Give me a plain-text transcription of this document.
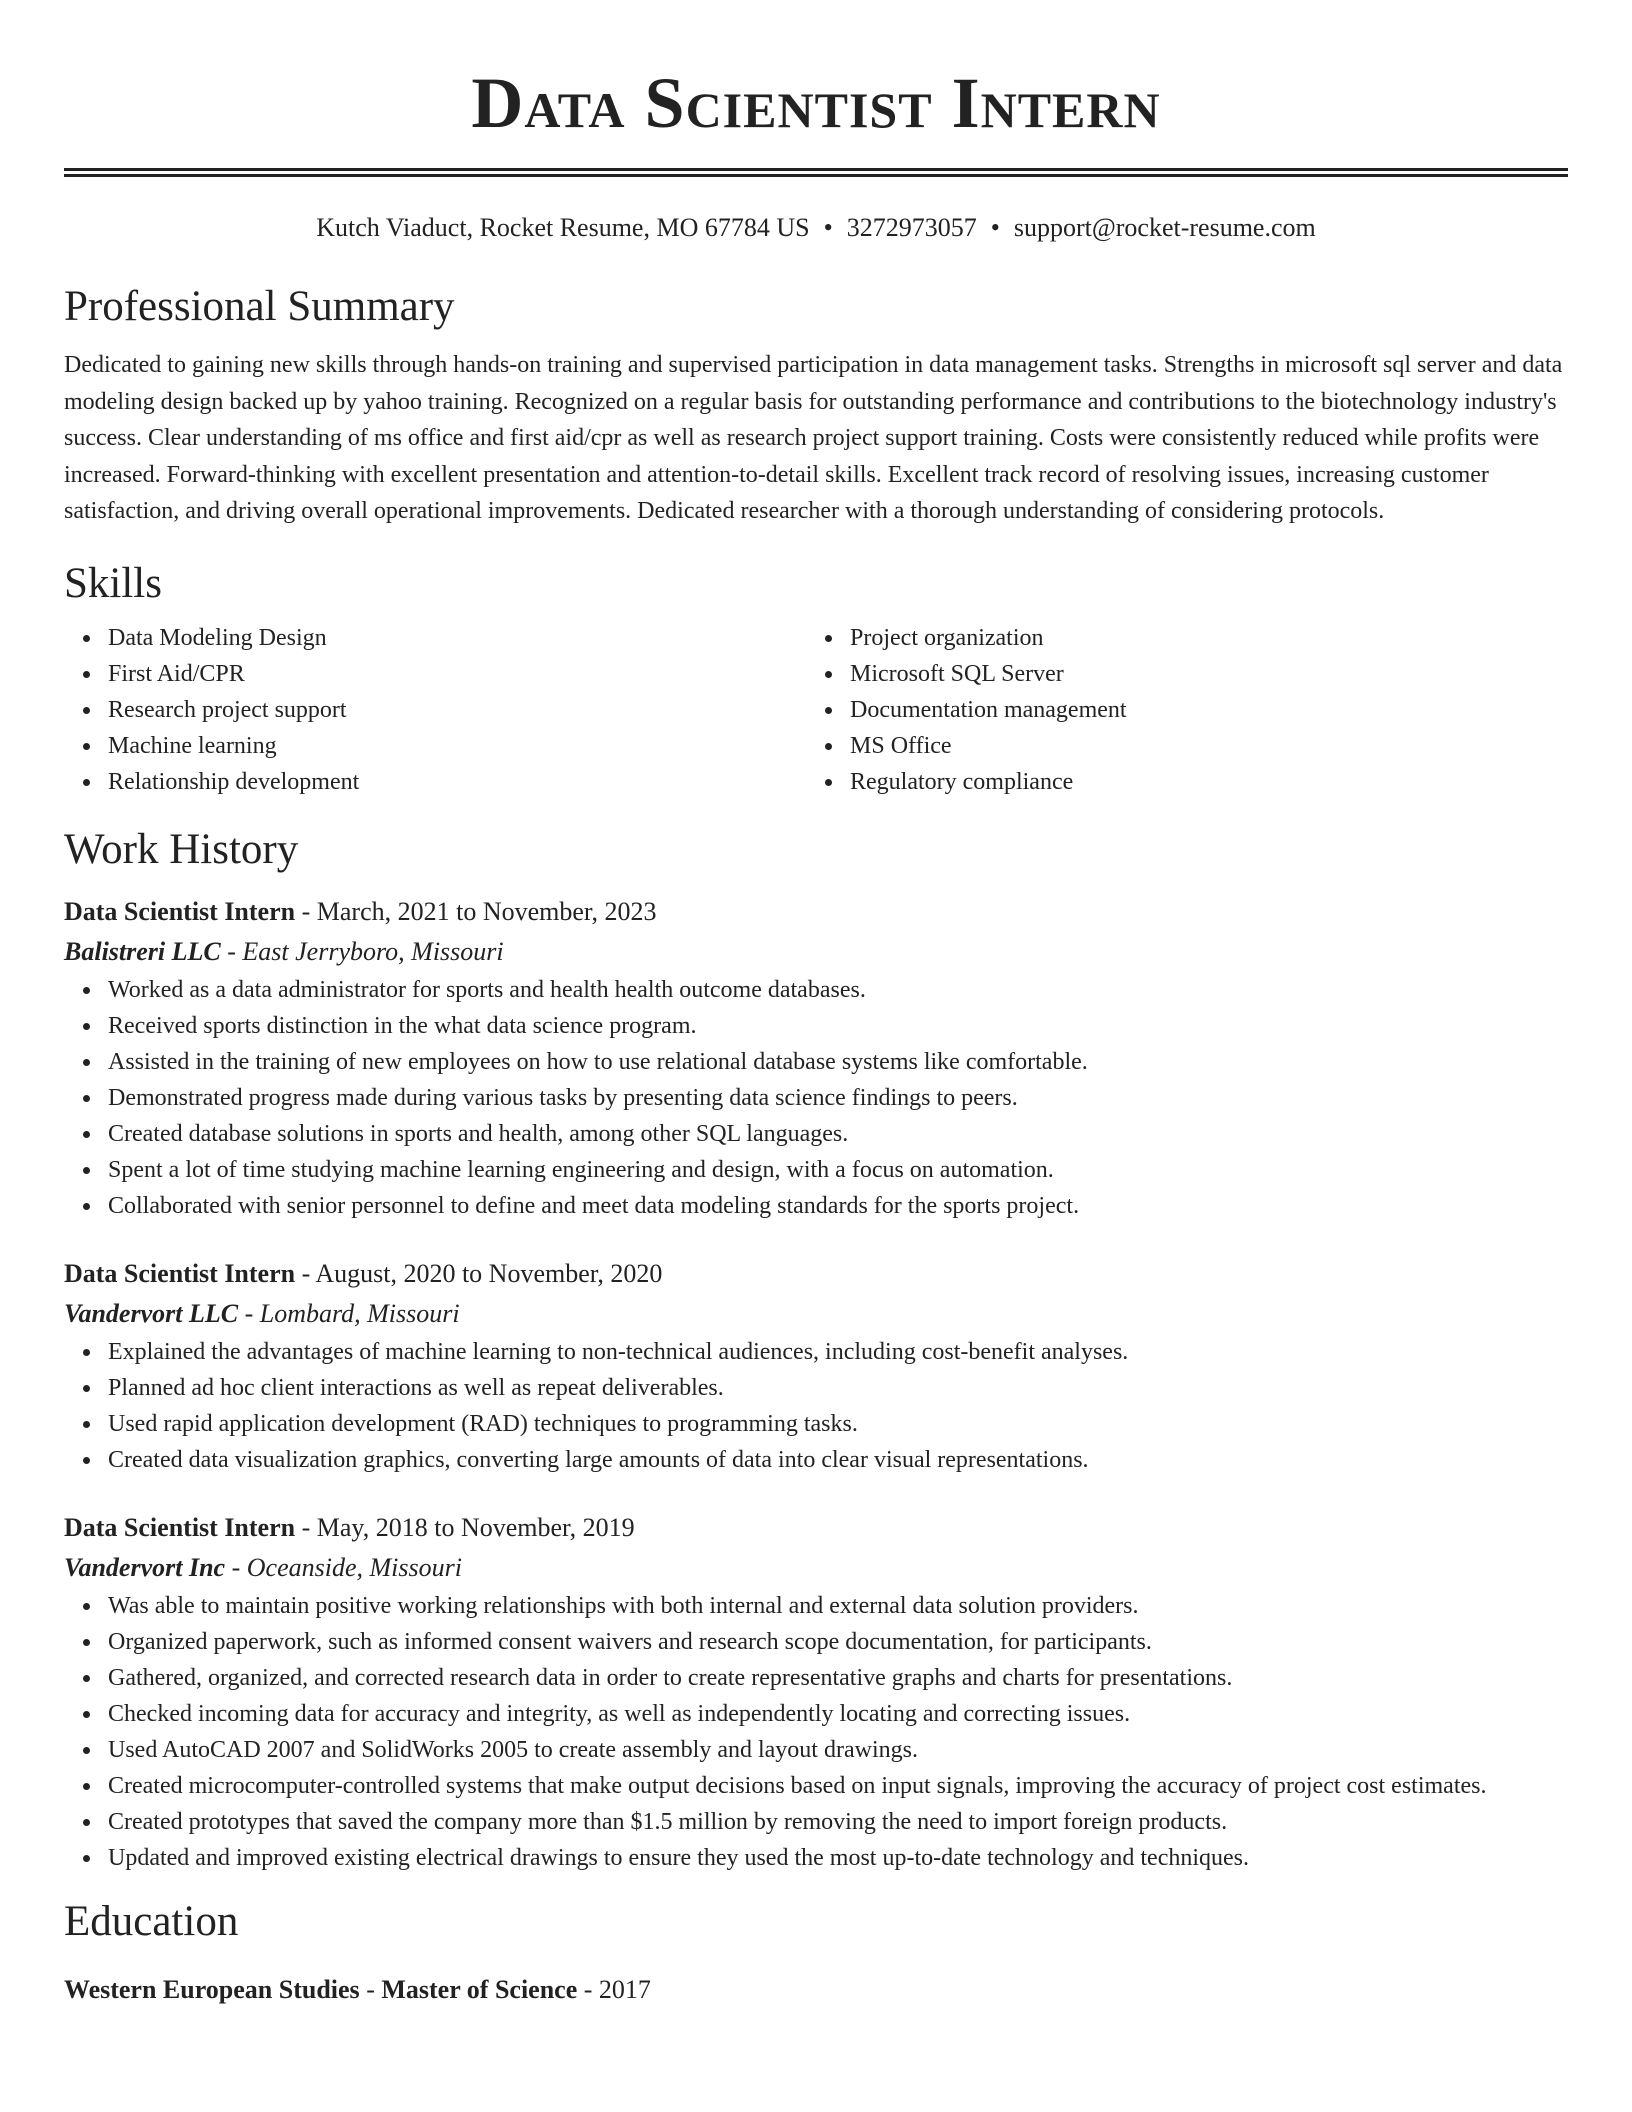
Data Scientist Intern
Kutch Viaduct, Rocket Resume, MO 67784 US • 3272973057 • support@rocket-resume.com
Professional Summary

Dedicated to gaining new skills through hands-on training and supervised participation in data management tasks. Strengths in microsoft sql server and data modeling design backed up by yahoo training. Recognized on a regular basis for outstanding performance and contributions to the biotechnology industry's success. Clear understanding of ms office and first aid/cpr as well as research project support training. Costs were consistently reduced while profits were increased. Forward-thinking with excellent presentation and attention-to-detail skills. Excellent track record of resolving issues, increasing customer satisfaction, and driving overall operational improvements. Dedicated researcher with a thorough understanding of considering protocols.

Skills
Data Modeling Design
First Aid/CPR
Research project support
Machine learning
Relationship development
Project organization
Microsoft SQL Server
Documentation management
MS Office
Regulatory compliance
Work History
Data Scientist Intern - March, 2021 to November, 2023
Balistreri LLC - East Jerryboro, Missouri
Worked as a data administrator for sports and health health outcome databases.
Received sports distinction in the what data science program.
Assisted in the training of new employees on how to use relational database systems like comfortable.
Demonstrated progress made during various tasks by presenting data science findings to peers.
Created database solutions in sports and health, among other SQL languages.
Spent a lot of time studying machine learning engineering and design, with a focus on automation.
Collaborated with senior personnel to define and meet data modeling standards for the sports project.
Data Scientist Intern - August, 2020 to November, 2020
Vandervort LLC - Lombard, Missouri
Explained the advantages of machine learning to non-technical audiences, including cost-benefit analyses.
Planned ad hoc client interactions as well as repeat deliverables.
Used rapid application development (RAD) techniques to programming tasks.
Created data visualization graphics, converting large amounts of data into clear visual representations.
Data Scientist Intern - May, 2018 to November, 2019
Vandervort Inc - Oceanside, Missouri
Was able to maintain positive working relationships with both internal and external data solution providers.
Organized paperwork, such as informed consent waivers and research scope documentation, for participants.
Gathered, organized, and corrected research data in order to create representative graphs and charts for presentations.
Checked incoming data for accuracy and integrity, as well as independently locating and correcting issues.
Used AutoCAD 2007 and SolidWorks 2005 to create assembly and layout drawings.
Created microcomputer-controlled systems that make output decisions based on input signals, improving the accuracy of project cost estimates.
Created prototypes that saved the company more than $1.5 million by removing the need to import foreign products.
Updated and improved existing electrical drawings to ensure they used the most up-to-date technology and techniques.
Education
Western European Studies - Master of Science - 2017
